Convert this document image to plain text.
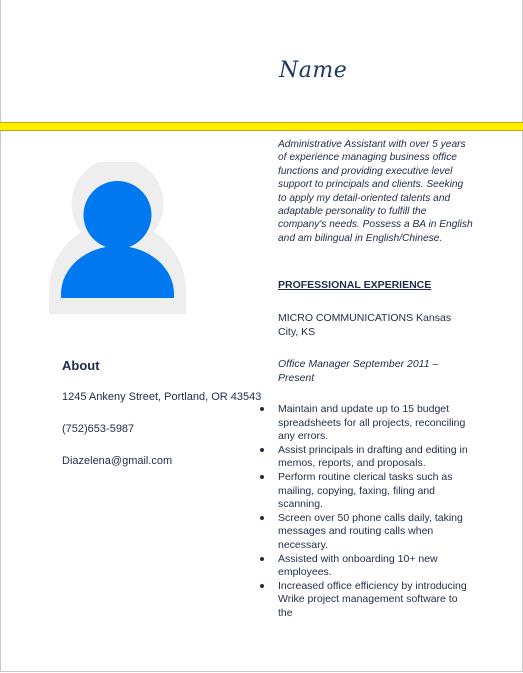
Name
About
1245 Ankeny Street, Portland, OR 43543
(752)653-5987
Diazelena@gmail.com
Administrative Assistant with over 5 years of experience managing business office functions and providing executive level support to principals and clients. Seeking to apply my detail-oriented talents and adaptable personality to fulfill the company's needs. Possess a BA in English and am bilingual in English/Chinese.
PROFESSIONAL EXPERIENCE
MICRO COMMUNICATIONS Kansas City, KS
Office Manager September 2011 – Present
Maintain and update up to 15 budget spreadsheets for all projects, reconciling any errors.
Assist principals in drafting and editing in memos, reports, and proposals.
Perform routine clerical tasks such as mailing, copying, faxing, filing and scanning.
Screen over 50 phone calls daily, taking messages and routing calls when necessary.
Assisted with onboarding 10+ new employees.
Increased office efficiency by introducing Wrike project management software to the
